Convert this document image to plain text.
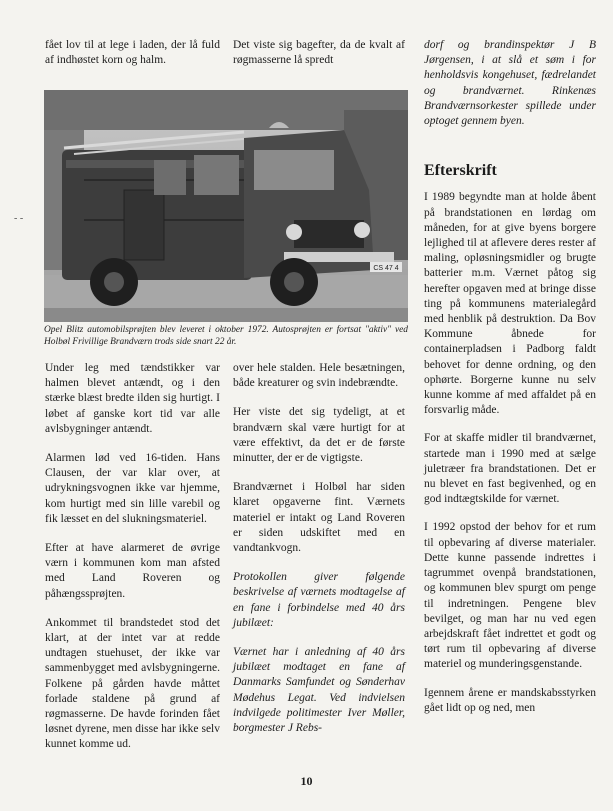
- -

fået lov til at lege i laden, der lå fuld af indhøstet korn og halm.

Det viste sig bagefter, da de kvalt af røgmasserne lå spredt

CS 47 4
Opel Blitz automobilsprøjten blev leveret i oktober 1972. Autosprøjten er fortsat "aktiv" ved Holbøl Frivillige Brandværn trods side snart 22 år.

Under leg med tændstikker var halmen blevet antændt, og i den stærke blæst bredte ilden sig hurtigt. I løbet af ganske kort tid var alle avlsbygninger antændt.

Alarmen lød ved 16-tiden. Hans Clausen, der var klar over, at udrykningsvognen ikke var hjemme, kom hurtigt med sin lille varebil og fik læsset en del slukningsmateriel.

Efter at have alarmeret de øvrige værn i kommunen kom man afsted med Land Roveren og påhængssprøjten.

Ankommet til brandstedet stod det klart, at der intet var at redde undtagen stuehuset, der ikke var sammenbygget med avlsbygningerne. Folkene på gården havde måttet forlade staldene på grund af røgmasserne. De havde forinden fået løsnet dyrene, men disse har ikke selv kunnet komme ud.

over hele stalden. Hele besætningen, både kreaturer og svin indebrændte.

Her viste det sig tydeligt, at et brandværn skal være hurtigt for at være effektivt, da det er de første minutter, der er de vigtigste.

Brandværnet i Holbøl har siden klaret opgaverne fint. Værnets materiel er intakt og Land Roveren er siden udskiftet med en vandtankvogn.

Protokollen giver følgende beskrivelse af værnets modtagelse af en fane i forbindelse med 40 års jubilæet:

Værnet har i anledning af 40 års jubilæet modtaget en fane af Danmarks Samfundet og Sønderhav Mødehus Legat. Ved indvielsen indvilgede politimester Iver Møller, borgmester J Rebs-

dorf og brandinspektør J B Jørgensen, i at slå et søm i for henholdsvis kongehuset, fædrelandet og brandværnet. Rinkenæs Brandværnsorkester spillede under optoget gennem byen.

Efterskrift

I 1989 begyndte man at holde åbent på brandstationen en lørdag om måneden, for at give byens borgere lejlighed til at aflevere deres rester af maling, opløsningsmidler og brugte batterier m.m. Værnet påtog sig herefter opgaven med at bringe disse ting på kommunens materialegård med henblik på destruktion. Da Bov Kommune åbnede for containerpladsen i Padborg faldt behovet for denne ordning, og den ophørte. Borgerne kunne nu selv kunne komme af med affaldet på en forsvarlig måde.

For at skaffe midler til brandværnet, startede man i 1990 med at sælge juletræer fra brandstationen. Det er nu blevet en fast begivenhed, og en god indtægtskilde for værnet.

I 1992 opstod der behov for et rum til opbevaring af diverse materialer. Dette kunne passende indrettes i tagrummet ovenpå brandstationen, og kommunen blev spurgt om penge til indretningen. Pengene blev bevilget, og man har nu ved egen arbejdskraft fået indrettet et godt og tørt rum til opbevaring af diverse materiel og munderingsgenstande.

Igennem årene er mandskabsstyrken gået lidt op og ned, men

10
